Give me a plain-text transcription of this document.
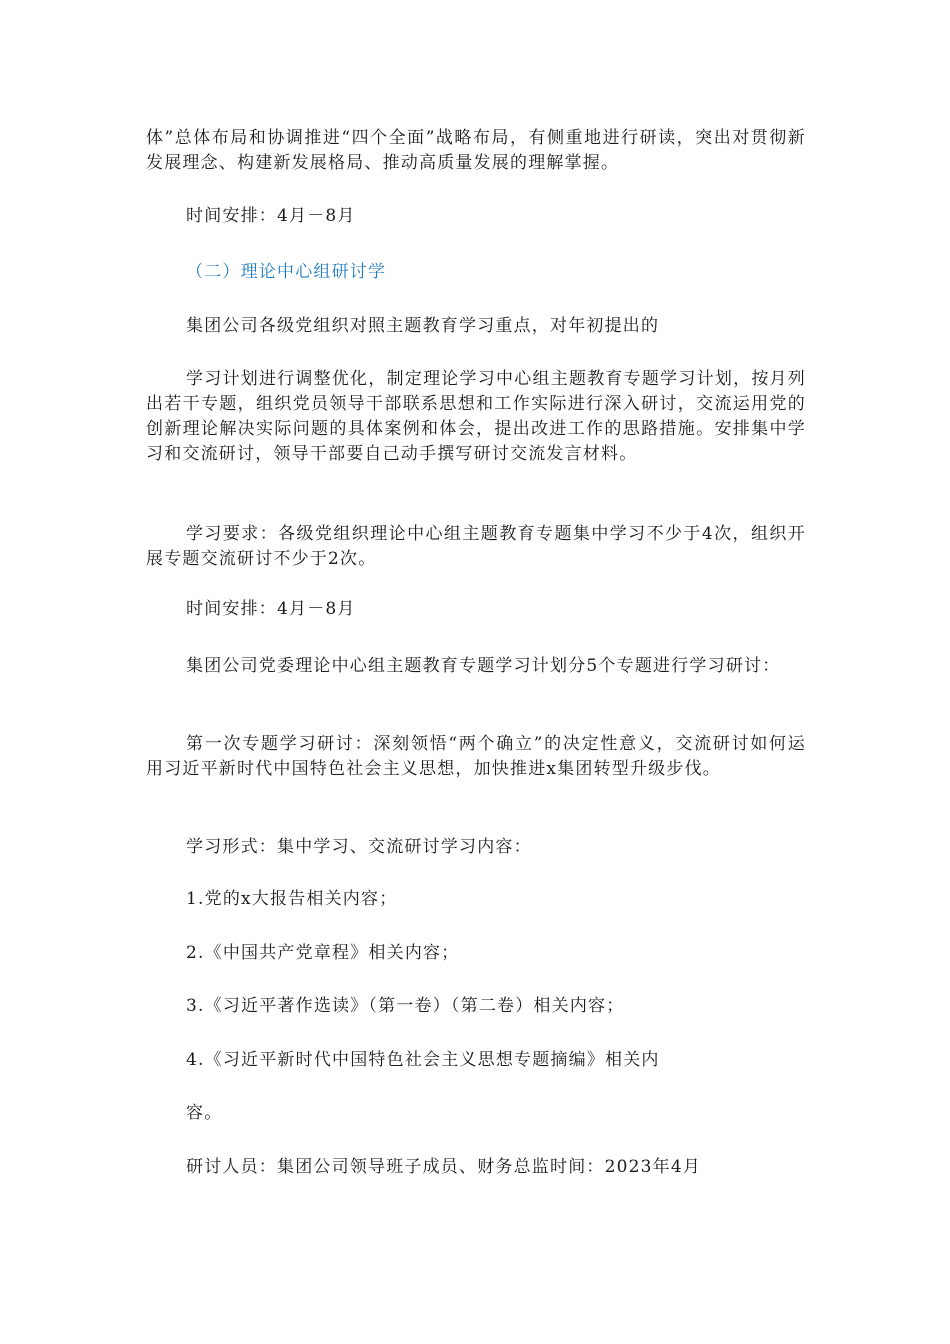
体”总体布局和协调推进“四个全面”战略布局，有侧重地进行研读，突出对贯彻新发展理念、构建新发展格局、推动高质量发展的理解掌握。

时间安排：4月－8月

（二）理论中心组研讨学

集团公司各级党组织对照主题教育学习重点，对年初提出的

学习计划进行调整优化，制定理论学习中心组主题教育专题学习计划，按月列出若干专题，组织党员领导干部联系思想和工作实际进行深入研讨，交流运用党的创新理论解决实际问题的具体案例和体会，提出改进工作的思路措施。安排集中学习和交流研讨，领导干部要自己动手撰写研讨交流发言材料。

学习要求：各级党组织理论中心组主题教育专题集中学习不少于4次，组织开展专题交流研讨不少于2次。

时间安排：4月－8月

集团公司党委理论中心组主题教育专题学习计划分5个专题进行学习研讨：

第一次专题学习研讨：深刻领悟“两个确立”的决定性意义，交流研讨如何运用习近平新时代中国特色社会主义思想，加快推进x集团转型升级步伐。

学习形式：集中学习、交流研讨学习内容：

1.党的x大报告相关内容；

2.《中国共产党章程》相关内容；

3.《习近平著作选读》（第一卷）（第二卷）相关内容；

4.《习近平新时代中国特色社会主义思想专题摘编》相关内

容。

研讨人员：集团公司领导班子成员、财务总监时间：2023年4月
